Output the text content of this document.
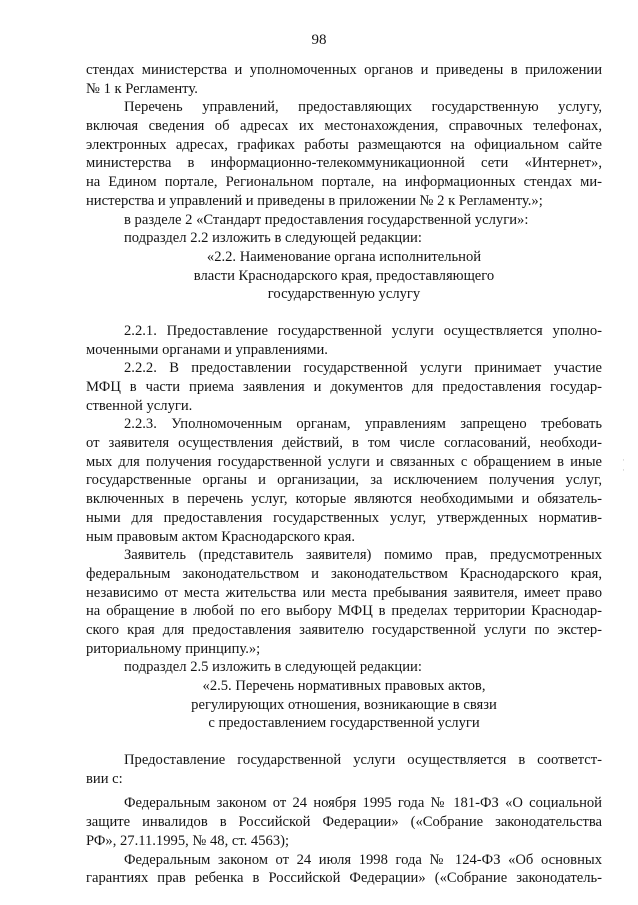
98
стендах министерства и уполномоченных органов и приведены в приложении
№ 1 к Регламенту.
Перечень управлений, предоставляющих государственную услугу,
включая сведения об адресах их местонахождения, справочных телефонах,
электронных адресах, графиках работы размещаются на официальном сайте
министерства в информационно-телекоммуникационной сети «Интернет»,
на Едином портале, Региональном портале, на информационных стендах ми-
нистерства и управлений и приведены в приложении № 2 к Регламенту.»;
в разделе 2 «Стандарт предоставления государственной услуги»:
подраздел 2.2 изложить в следующей редакции:
«2.2. Наименование органа исполнительной
власти Краснодарского края, предоставляющего
государственную услугу
2.2.1. Предоставление государственной услуги осуществляется уполно-
моченными органами и управлениями.
2.2.2. В предоставлении государственной услуги принимает участие
МФЦ в части приема заявления и документов для предоставления государ-
ственной услуги.
2.2.3. Уполномоченным органам, управлениям запрещено требовать
от заявителя осуществления действий, в том числе согласований, необходи-
мых для получения государственной услуги и связанных с обращением в иные
государственные органы и организации, за исключением получения услуг,
включенных в перечень услуг, которые являются необходимыми и обязатель-
ными для предоставления государственных услуг, утвержденных норматив-
ным правовым актом Краснодарского края.
Заявитель (представитель заявителя) помимо прав, предусмотренных
федеральным законодательством и законодательством Краснодарского края,
независимо от места жительства или места пребывания заявителя, имеет право
на обращение в любой по его выбору МФЦ в пределах территории Краснодар-
ского края для предоставления заявителю государственной услуги по экстер-
риториальному принципу.»;
подраздел 2.5 изложить в следующей редакции:
«2.5. Перечень нормативных правовых актов,
регулирующих отношения, возникающие в связи
с предоставлением государственной услуги
Предоставление государственной услуги осуществляется в соответст-
вии с:
Федеральным законом от 24 ноября 1995 года № 181-ФЗ «О социальной
защите инвалидов в Российской Федерации» («Собрание законодательства
РФ», 27.11.1995, № 48, ст. 4563);
Федеральным законом от 24 июля 1998 года № 124-ФЗ «Об основных
гарантиях прав ребенка в Российской Федерации» («Собрание законодатель-
·
·
